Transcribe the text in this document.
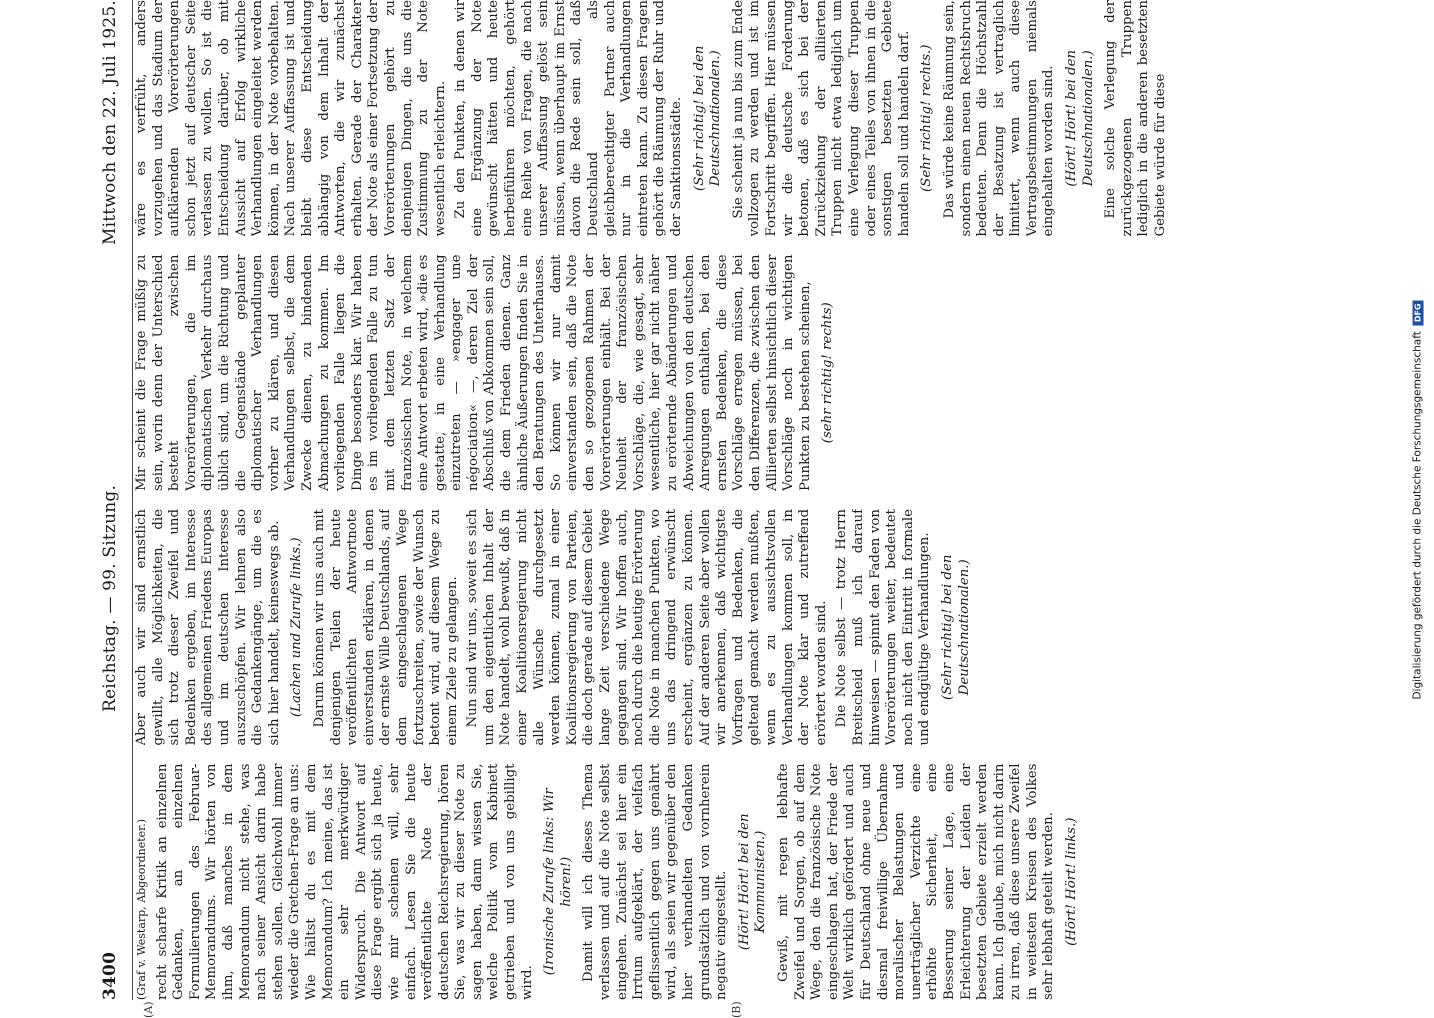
3400
Reichstag. — 99. Sitzung.
Mittwoch den 22. Juli 1925.

(Graf v. Westarp, Abgeordneter.) recht scharfe Kritik an einzelnen Gedanken, an einzelnen Formulierungen des Februar-Memorandums. Wir hörten von ihm, daß manches in dem Memorandum nicht stehe, was nach seiner Ansicht darin habe stehen sollen. Gleichwohl immer wieder die Gretchen-Frage an uns: Wie hältst du es mit dem Memorandum? Ich meine, das ist ein sehr merkwürdiger Widerspruch. Die Antwort auf diese Frage ergibt sich ja heute, wie mir scheinen will, sehr einfach. Lesen Sie die heute veröffentlichte Note der deutschen Reichsregierung, hören Sie, was wir zu dieser Note zu sagen haben, dann wissen Sie, welche Politik vom Kabinett getrieben und von uns gebilligt wird.

(Ironische Zurufe links: Wir hören!) Damit will ich dieses Thema verlassen und auf die Note selbst eingehen. Zunächst sei hier ein Irrtum aufgeklärt, der vielfach geflissentlich gegen uns genährt wird, als seien wir gegenüber den hier verhandelten Gedanken grundsätzlich und von vornherein negativ eingestellt. (Hört! Hört! bei den Kommunisten.) Gewiß, mit regen lebhafte Zweifel und Sorgen, ob auf dem Wege, den die französische Note eingeschlagen hat, der Friede der Welt wirklich gefördert und auch für Deutschland ohne neue und diesmal freiwillige Übernahme moralischer Belastungen und unerträglicher Verzichte eine erhöhte Sicherheit, eine Besserung seiner Lage, eine Erleichterung der Leiden der besetzten Gebiete erzielt werden kann. Ich glaube, mich nicht darin zu irren, daß diese unsere Zweifel in weitesten Kreisen des Volkes sehr lebhaft geteilt werden. (Hört! Hört! links.)

Aber auch wir sind ernstlich gewillt, alle Möglichkeiten, die sich trotz dieser Zweifel und Bedenken ergeben, im Interesse des allgemeinen Friedens Europas und im deutschen Interesse auszuschöpfen. Wir lehnen also die Gedankengänge, um die es sich hier handelt, keineswegs ab. (Lachen und Zurufe links.) Darum können wir uns auch mit denjenigen Teilen der heute veröffentlichten Antwortnote einverstanden erklären, in denen der ernste Wille Deutschlands, auf dem eingeschlagenen Wege fortzuschreiten, sowie der Wunsch betont wird, auf diesem Wege zu einem Ziele zu gelangen. Nun sind wir uns, soweit es sich um den eigentlichen Inhalt der Note handelt, wohl bewußt, daß in einer Koalitionsregierung nicht alle Wünsche durchgesetzt werden können, zumal in einer Koalitionsregierung von Parteien, die doch gerade auf diesem Gebiet lange Zeit verschiedene Wege gegangen sind. Wir hoffen auch, noch durch die heutige Erörterung die Note in manchen Punkten, wo uns das dringend erwünscht erscheint, ergänzen zu können. Auf der anderen Seite aber wollen wir anerkennen, daß wichtigste Vorfragen und Bedenken, die geltend gemacht werden mußten, wenn es zu aussichtsvollen Verhandlungen kommen soll, in der Note klar und zutreffend erörtert worden sind. Die Note selbst — trotz Herrn Breitscheid muß ich darauf hinweisen — spinnt den Faden von Vorerörterungen weiter, bedeutet noch nicht den Eintritt in formale und endgültige Verhandlungen. (Sehr richtig! bei den Deutschnationalen.)

Mir scheint die Frage müßig zu sein, worin denn der Unterschied besteht zwischen Vorerörterungen, die im diplomatischen Verkehr durchaus üblich sind, um die Richtung und die Gegenstände geplanter diplomatischer Verhandlungen vorher zu klären, und diesen Verhandlungen selbst, die dem Zwecke dienen, zu bindenden Abmachungen zu kommen. Im vorliegenden Falle liegen die Dinge besonders klar. Wir haben es im vorliegenden Falle zu tun mit dem letzten Satz der französischen Note, in welchem eine Antwort erbeten wird, »die es gestatte, in eine Verhandlung einzutreten — »engager une négociation« —, deren Ziel der Abschluß von Abkommen sein soll, die dem Frieden dienen. Ganz ähnliche Äußerungen finden Sie in den Beratungen des Unterhauses. So können wir nur damit einverstanden sein, daß die Note den so gezogenen Rahmen der Vorerörterungen einhält. Bei der Neuheit der französischen Vorschläge, die, wie gesagt, sehr wesentliche, hier gar nicht näher zu erörternde Abänderungen und Abweichungen von den deutschen Anregungen enthalten, bei den ernsten Bedenken, die diese Vorschläge erregen müssen, bei den Differenzen, die zwischen den Alliierten selbst hinsichtlich dieser Vorschläge noch in wichtigen Punkten zu bestehen scheinen, (sehr richtig! rechts)

wäre es verfrüht, anders vorzugehen und das Stadium der aufklärenden Vorerörterungen schon jetzt auf deutscher Seite verlassen zu wollen. So ist die Entscheidung darüber, ob mit Aussicht auf Erfolg wirkliche Verhandlungen eingeleitet werden können, in der Note vorbehalten. Nach unserer Auffassung ist und bleibt diese Entscheidung abhängig von dem Inhalt der Antworten, die wir zunächst erhalten. Gerade der Charakter der Note als einer Fortsetzung der Vorerörterungen gehört zu denjenigen Dingen, die uns die Zustimmung zu der Note wesentlich erleichtern. Zu den Punkten, in denen wir eine Ergänzung der Note gewünscht hätten und heute herbeiführen möchten, gehört eine Reihe von Fragen, die nach unserer Auffassung gelöst sein müssen, wenn überhaupt im Ernst davon die Rede sein soll, daß Deutschland als gleichberechtigter Partner auch nur in die Verhandlungen eintreten kann. Zu diesen Fragen gehört die Räumung der Ruhr und der Sanktionsstädte. (Sehr richtig! bei den Deutschnationalen.) Sie scheint ja nun bis zum Ende vollzogen zu werden und ist im Fortschritt begriffen. Hier müssen wir die deutsche Forderung betonen, daß es sich bei der Zurückziehung der alliierten Truppen nicht etwa lediglich um eine Verlegung dieser Truppen oder eines Teiles von ihnen in die sonstigen besetzten Gebiete handeln soll und handeln darf. (Sehr richtig! rechts.) Das würde keine Räumung sein, sondern einen neuen Rechtsbruch bedeuten. Denn die Höchstzahl der Besatzung ist vertraglich limitiert, wenn auch diese Vertragsbestimmungen niemals eingehalten worden sind. (Hört! Hört! bei den Deutschnationalen.) Eine solche Verlegung der zurückgezogenen Truppen lediglich in die anderen besetzten Gebiete würde für diese

(A)	(B)
Digitalisierung gefördert durch die Deutsche Forschungsgemeinschaft
DFG
